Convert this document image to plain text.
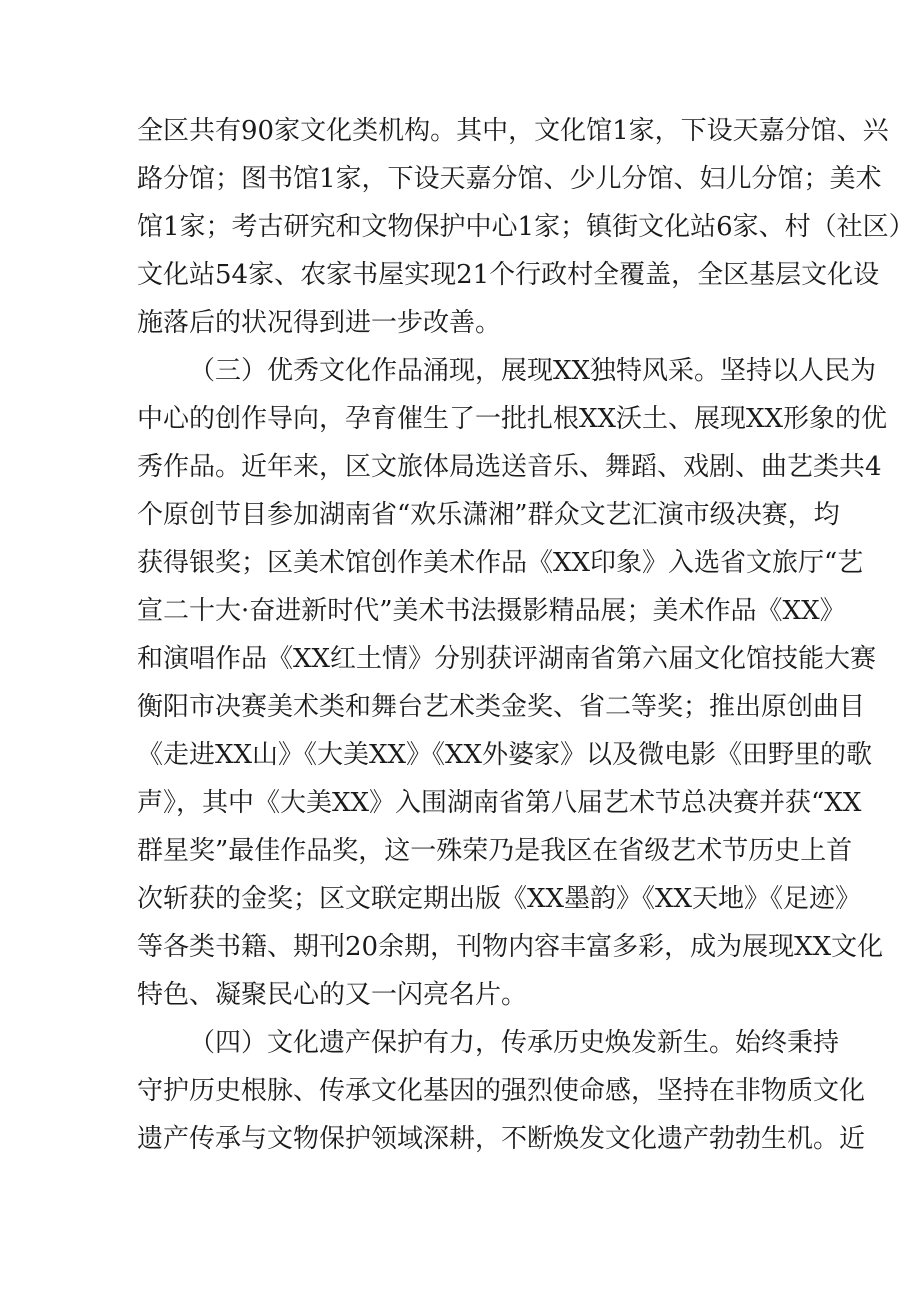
全区共有90家文化类机构。其中，文化馆1家，下设天嘉分馆、兴
路分馆；图书馆1家，下设天嘉分馆、少儿分馆、妇儿分馆；美术
馆1家；考古研究和文物保护中心1家；镇街文化站6家、村（社区）
文化站54家、农家书屋实现21个行政村全覆盖，全区基层文化设
施落后的状况得到进一步改善。
（三）优秀文化作品涌现，展现XX独特风采。坚持以人民为
中心的创作导向，孕育催生了一批扎根XX沃土、展现XX形象的优
秀作品。近年来，区文旅体局选送音乐、舞蹈、戏剧、曲艺类共4
个原创节目参加湖南省“欢乐潇湘”群众文艺汇演市级决赛，均
获得银奖；区美术馆创作美术作品《XX印象》入选省文旅厅“艺
宣二十大·奋进新时代”美术书法摄影精品展；美术作品《XX》
和演唱作品《XX红土情》分别获评湖南省第六届文化馆技能大赛
衡阳市决赛美术类和舞台艺术类金奖、省二等奖；推出原创曲目
《走进XX山》《大美XX》《XX外婆家》以及微电影《田野里的歌
声》，其中《大美XX》入围湖南省第八届艺术节总决赛并获“XX
群星奖”最佳作品奖，这一殊荣乃是我区在省级艺术节历史上首
次斩获的金奖；区文联定期出版《XX墨韵》《XX天地》《足迹》
等各类书籍、期刊20余期，刊物内容丰富多彩，成为展现XX文化
特色、凝聚民心的又一闪亮名片。
（四）文化遗产保护有力，传承历史焕发新生。始终秉持
守护历史根脉、传承文化基因的强烈使命感，坚持在非物质文化
遗产传承与文物保护领域深耕，不断焕发文化遗产勃勃生机。近
